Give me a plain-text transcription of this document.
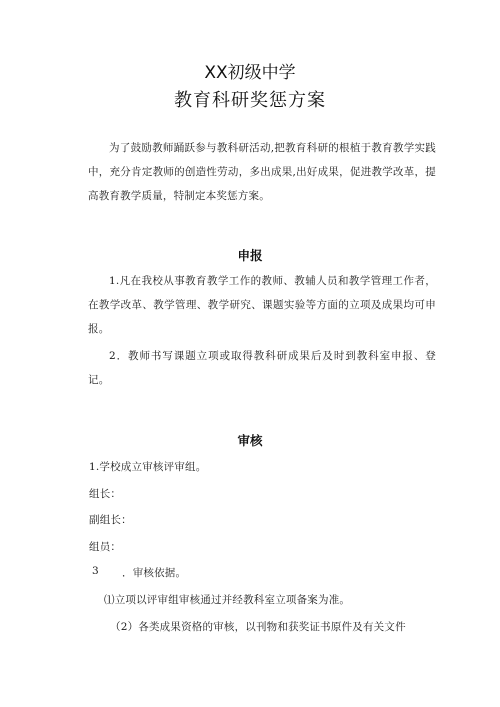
XX初级中学
教育科研奖惩方案
为了鼓励教师踊跃参与教科研活动,把教育科研的根植于教育教学实践中，充分肯定教师的创造性劳动，多出成果,出好成果，促进教学改革，提高教育教学质量，特制定本奖惩方案。
申报
1.凡在我校从事教育教学工作的教师、教辅人员和教学管理工作者，在教学改革、教学管理、教学研究、课题实验等方面的立项及成果均可申报。
2．教师书写课题立项或取得教科研成果后及时到教科室申报、登记。
审核
1.学校成立审核评审组。
组长：
副组长：
组员：
3 ．审核依据。
⑴立项以评审组审核通过并经教科室立项备案为准。
（2）各类成果资格的审核，以刊物和获奖证书原件及有关文件
